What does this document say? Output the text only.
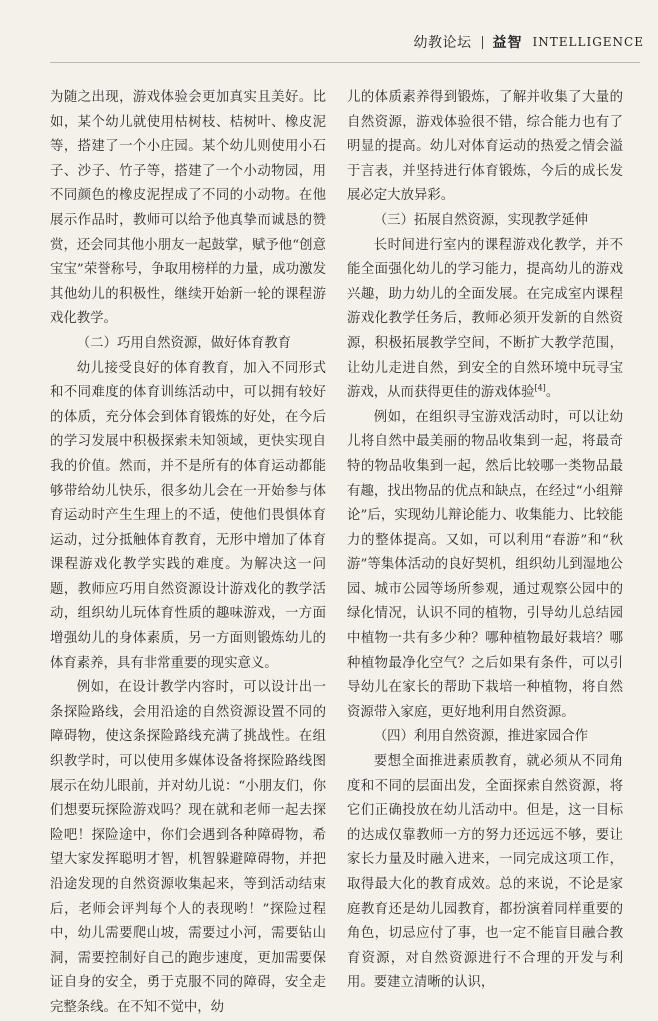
幼教论坛 益智 INTELLIGENCE

为随之出现，游戏体验会更加真实且美好。比如，某个幼儿就使用枯树枝、桔树叶、橡皮泥等，搭建了一个小庄园。某个幼儿则使用小石子、沙子、竹子等，搭建了一个小动物园，用不同颜色的橡皮泥捏成了不同的小动物。在他展示作品时，教师可以给予他真挚而诚恳的赞赏，还会同其他小朋友一起鼓掌，赋予他“创意宝宝”荣誉称号，争取用榜样的力量，成功激发其他幼儿的积极性，继续开始新一轮的课程游戏化教学。

（二）巧用自然资源，做好体育教育

幼儿接受良好的体育教育，加入不同形式和不同难度的体育训练活动中，可以拥有较好的体质，充分体会到体育锻炼的好处，在今后的学习发展中积极探索未知领域，更快实现自我的价值。然而，并不是所有的体育运动都能够带给幼儿快乐，很多幼儿会在一开始参与体育运动时产生生理上的不适，使他们畏惧体育运动，过分抵触体育教育，无形中增加了体育课程游戏化教学实践的难度。为解决这一问题，教师应巧用自然资源设计游戏化的教学活动，组织幼儿玩体育性质的趣味游戏，一方面增强幼儿的身体素质，另一方面则锻炼幼儿的体育素养，具有非常重要的现实意义。

例如，在设计教学内容时，可以设计出一条探险路线，会用沿途的自然资源设置不同的障碍物，使这条探险路线充满了挑战性。在组织教学时，可以使用多媒体设备将探险路线图展示在幼儿眼前，并对幼儿说：“小朋友们，你们想要玩探险游戏吗？现在就和老师一起去探险吧！探险途中，你们会遇到各种障碍物，希望大家发挥聪明才智，机智躲避障碍物，并把沿途发现的自然资源收集起来，等到活动结束后，老师会评判每个人的表现哟！”探险过程中，幼儿需要爬山坡，需要过小河，需要钻山洞，需要控制好自己的跑步速度，更加需要保证自身的安全，勇于克服不同的障碍，安全走完整条线。在不知不觉中，幼

儿的体质素养得到锻炼，了解并收集了大量的自然资源，游戏体验很不错，综合能力也有了明显的提高。幼儿对体育运动的热爱之情会溢于言表，并坚持进行体育锻炼，今后的成长发展必定大放异彩。

（三）拓展自然资源，实现教学延伸

长时间进行室内的课程游戏化教学，并不能全面强化幼儿的学习能力，提高幼儿的游戏兴趣，助力幼儿的全面发展。在完成室内课程游戏化教学任务后，教师必须开发新的自然资源，积极拓展教学空间，不断扩大教学范围，让幼儿走进自然，到安全的自然环境中玩寻宝游戏，从而获得更佳的游戏体验[4]。

例如，在组织寻宝游戏活动时，可以让幼儿将自然中最美丽的物品收集到一起，将最奇特的物品收集到一起，然后比较哪一类物品最有趣，找出物品的优点和缺点，在经过“小组辩论”后，实现幼儿辩论能力、收集能力、比较能力的整体提高。又如，可以利用“春游”和“秋游”等集体活动的良好契机，组织幼儿到湿地公园、城市公园等场所参观，通过观察公园中的绿化情况，认识不同的植物，引导幼儿总结园中植物一共有多少种？哪种植物最好栽培？哪种植物最净化空气？之后如果有条件，可以引导幼儿在家长的帮助下栽培一种植物，将自然资源带入家庭，更好地利用自然资源。

（四）利用自然资源，推进家园合作

要想全面推进素质教育，就必须从不同角度和不同的层面出发，全面探索自然资源，将它们正确投放在幼儿活动中。但是，这一目标的达成仅靠教师一方的努力还远远不够，要让家长力量及时融入进来，一同完成这项工作，取得最大化的教育成效。总的来说，不论是家庭教育还是幼儿园教育，都扮演着同样重要的角色，切忌应付了事，也一定不能盲目融合教育资源，对自然资源进行不合理的开发与利用。要建立清晰的认识，
